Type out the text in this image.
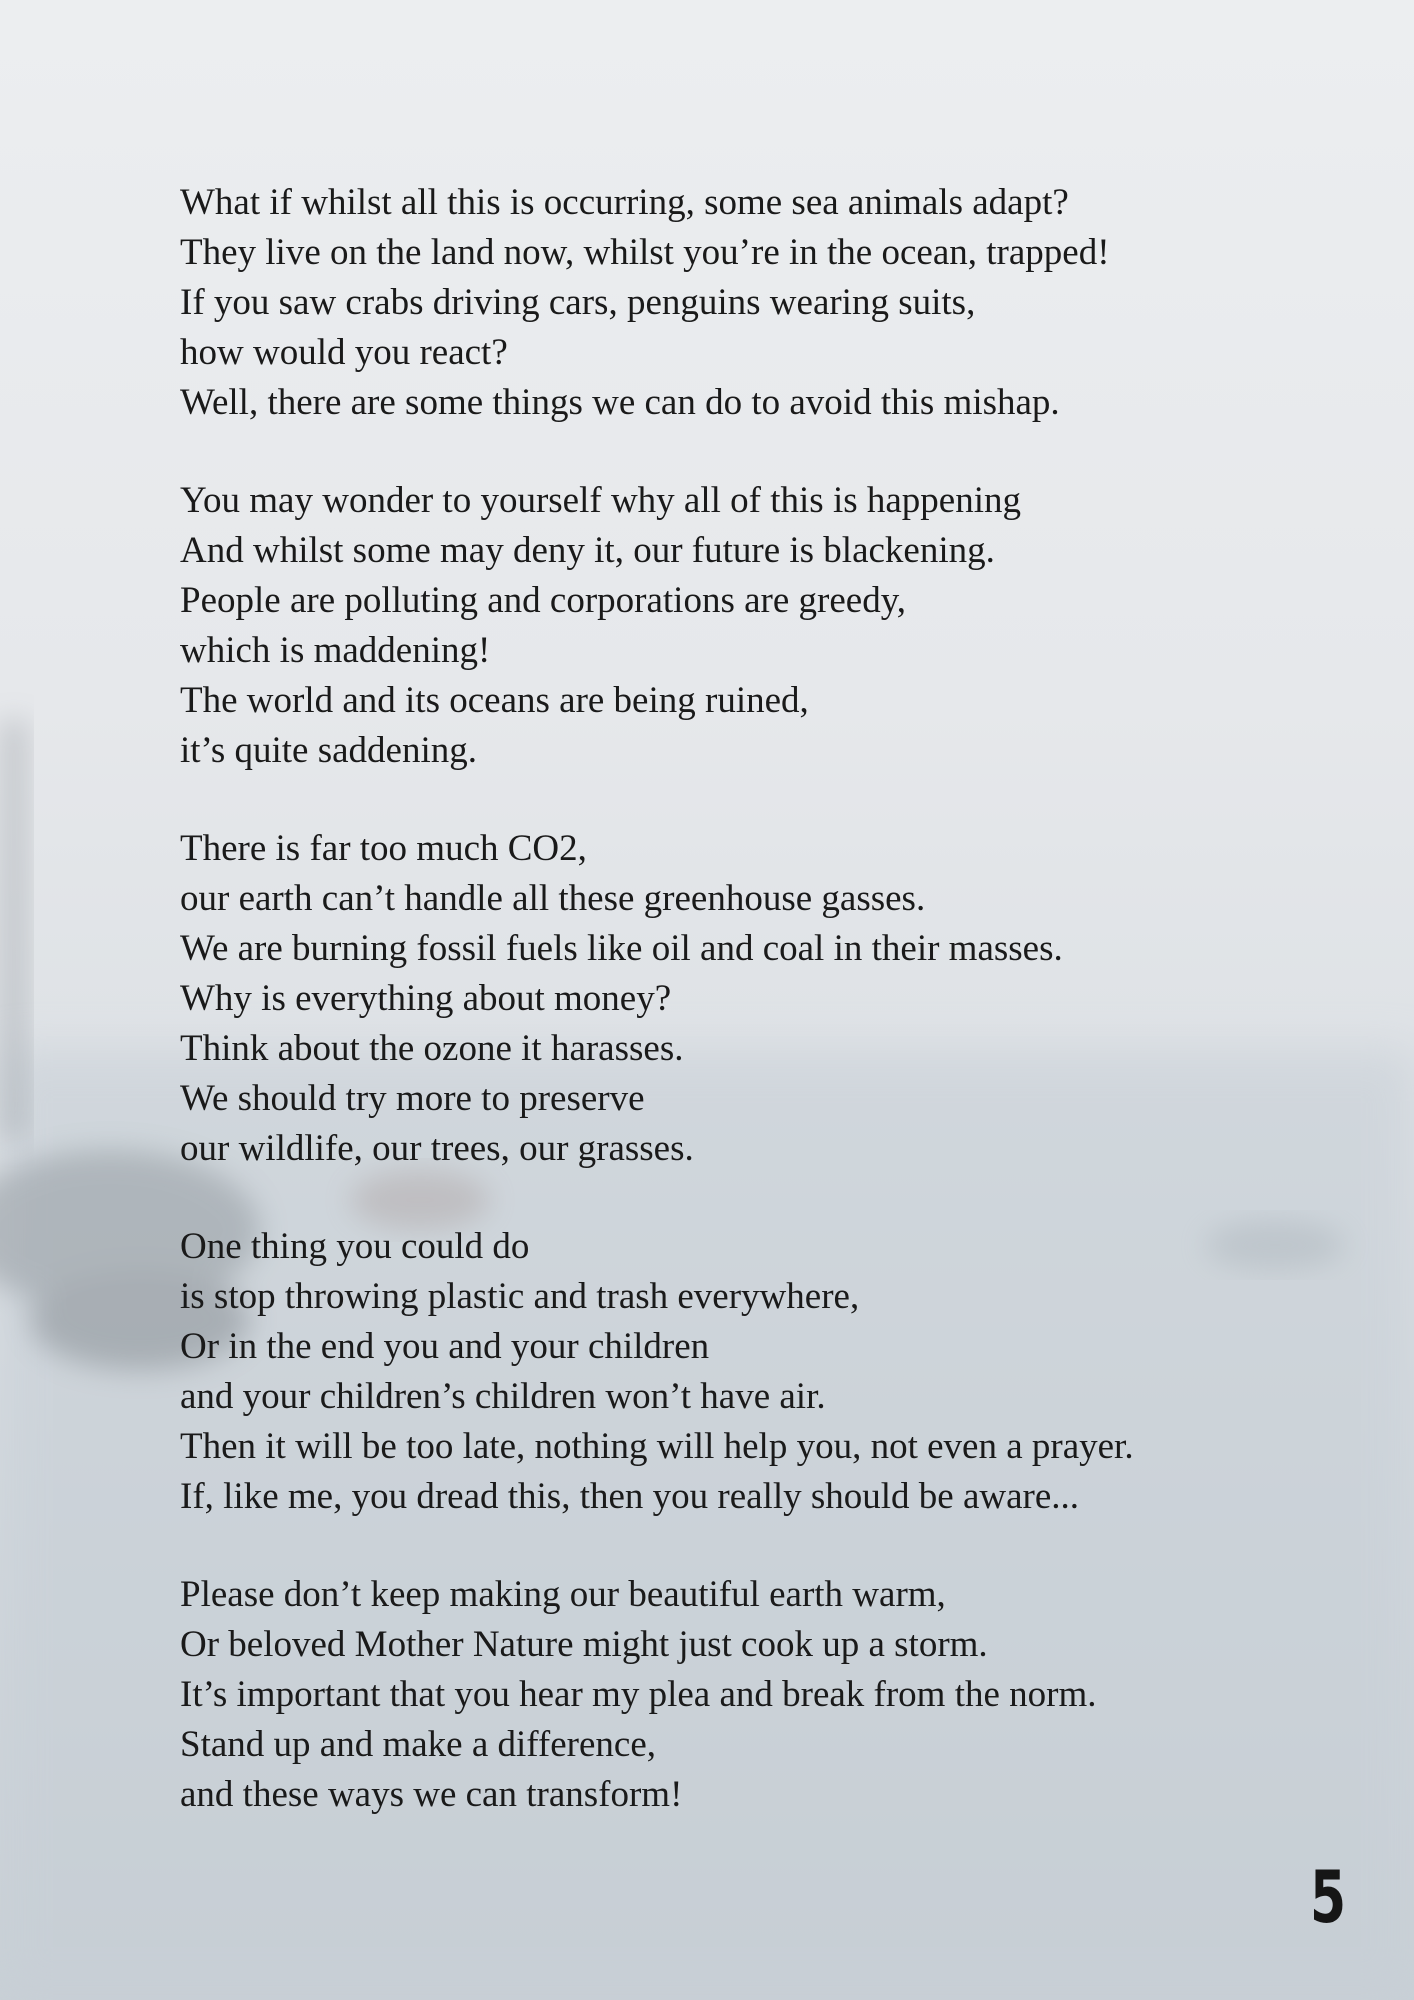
What if whilst all this is occurring, some sea animals adapt?
They live on the land now, whilst you’re in the ocean, trapped!
If you saw crabs driving cars, penguins wearing suits,
how would you react?
Well, there are some things we can do to avoid this mishap.
You may wonder to yourself why all of this is happening
And whilst some may deny it, our future is blackening.
People are polluting and corporations are greedy,
which is maddening!
The world and its oceans are being ruined,
it’s quite saddening.
There is far too much CO2,
our earth can’t handle all these greenhouse gasses.
We are burning fossil fuels like oil and coal in their masses.
Why is everything about money?
Think about the ozone it harasses.
We should try more to preserve
our wildlife, our trees, our grasses.
One thing you could do
is stop throwing plastic and trash everywhere,
Or in the end you and your children
and your children’s children won’t have air.
Then it will be too late, nothing will help you, not even a prayer.
If, like me, you dread this, then you really should be aware...
Please don’t keep making our beautiful earth warm,
Or beloved Mother Nature might just cook up a storm.
It’s important that you hear my plea and break from the norm.
Stand up and make a difference,
and these ways we can transform!
5
